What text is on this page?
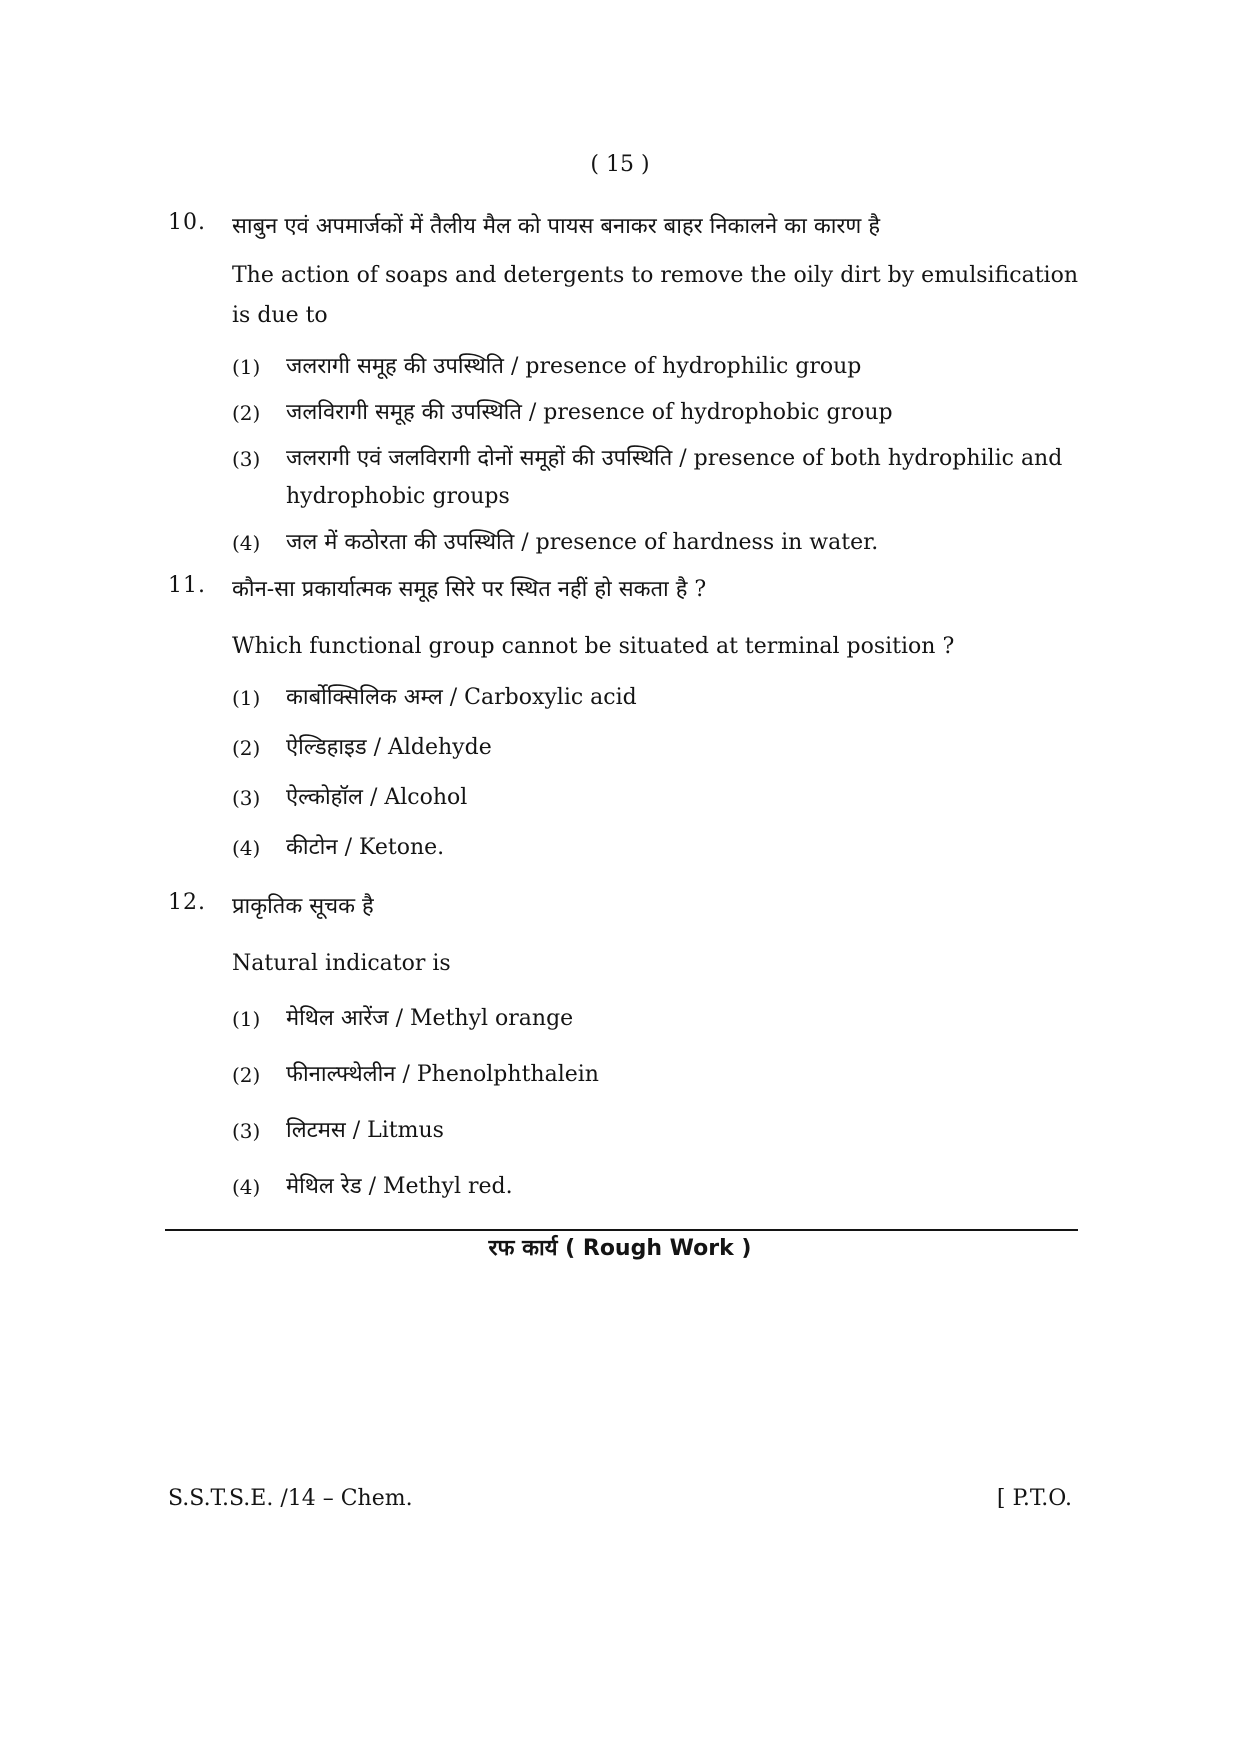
( 15 )
10. साबुन एवं अपमार्जकों में तैलीय मैल को पायस बनाकर बाहर निकालने का कारण है
The action of soaps and detergents to remove the oily dirt by emulsification is due to
(1) जलरागी समूह की उपस्थिति / presence of hydrophilic group
(2) जलविरागी समूह की उपस्थिति / presence of hydrophobic group
(3) जलरागी एवं जलविरागी दोनों समूहों की उपस्थिति / presence of both hydrophilic and hydrophobic groups
(4) जल में कठोरता की उपस्थिति / presence of hardness in water.
11. कौन-सा प्रकार्यात्मक समूह सिरे पर स्थित नहीं हो सकता है ?
Which functional group cannot be situated at terminal position ?
(1) कार्बोक्सिलिक अम्ल / Carboxylic acid
(2) ऐल्डिहाइड / Aldehyde
(3) ऐल्कोहॉल / Alcohol
(4) कीटोन / Ketone.
12. प्राकृतिक सूचक है
Natural indicator is
(1) मेथिल आरेंज / Methyl orange
(2) फीनाल्फ्थेलीन / Phenolphthalein
(3) लिटमस / Litmus
(4) मेथिल रेड / Methyl red.
रफ कार्य ( Rough Work )
S.S.T.S.E. /14 – Chem.	[ P.T.O.
